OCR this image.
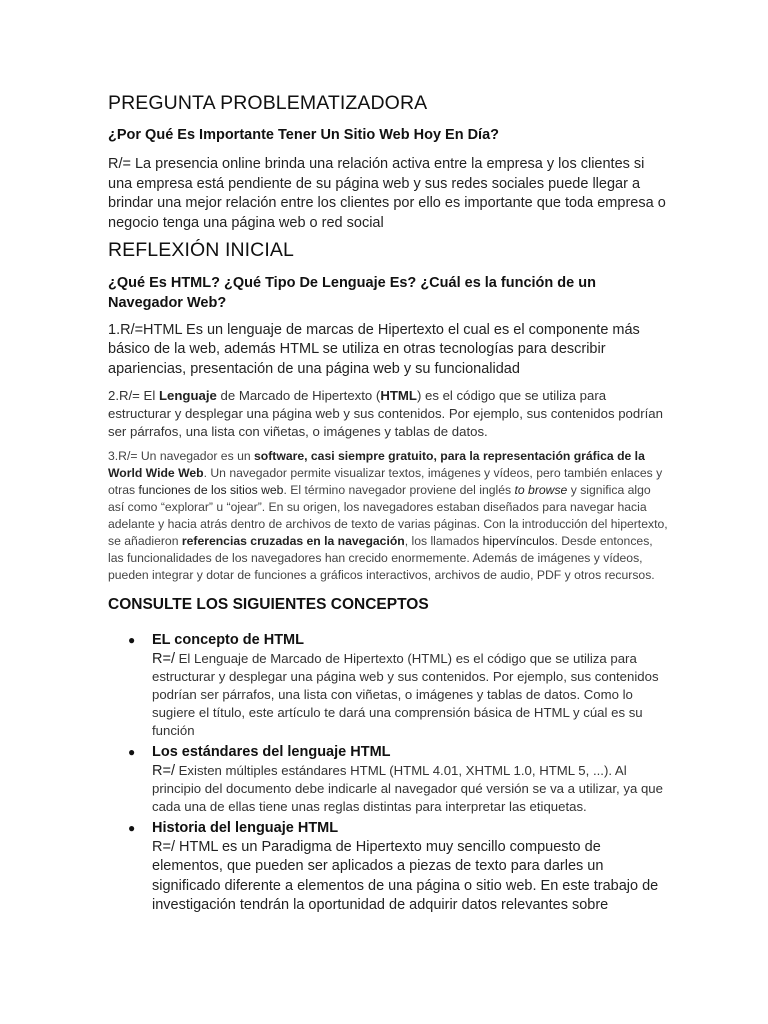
PREGUNTA PROBLEMATIZADORA

¿Por Qué Es Importante Tener Un Sitio Web Hoy En Día?

R/= La presencia online brinda una relación activa entre la empresa y los clientes si una empresa está pendiente de su página web y sus redes sociales puede llegar a brindar una mejor relación entre los clientes por ello es importante que toda empresa o negocio tenga una página web o red social

REFLEXIÓN INICIAL

¿Qué Es HTML? ¿Qué Tipo De Lenguaje Es? ¿Cuál es la función de un Navegador Web?

1.R/=HTML Es un lenguaje de marcas de Hipertexto el cual es el componente más básico de la web, además HTML se utiliza en otras tecnologías para describir apariencias, presentación de una página web y su funcionalidad

2.R/= El Lenguaje de Marcado de Hipertexto (HTML) es el código que se utiliza para estructurar y desplegar una página web y sus contenidos. Por ejemplo, sus contenidos podrían ser párrafos, una lista con viñetas, o imágenes y tablas de datos.

3.R/= Un navegador es un software, casi siempre gratuito, para la representación gráfica de la World Wide Web. Un navegador permite visualizar textos, imágenes y vídeos, pero también enlaces y otras funciones de los sitios web. El término navegador proviene del inglés to browse y significa algo así como “explorar” u “ojear”. En su origen, los navegadores estaban diseñados para navegar hacia adelante y hacia atrás dentro de archivos de texto de varias páginas. Con la introducción del hipertexto, se añadieron referencias cruzadas en la navegación, los llamados hipervínculos. Desde entonces, las funcionalidades de los navegadores han crecido enormemente. Además de imágenes y vídeos, pueden integrar y dotar de funciones a gráficos interactivos, archivos de audio, PDF y otros recursos.

CONSULTE LOS SIGUIENTES CONCEPTOS

● EL concepto de HTML

R=/ El Lenguaje de Marcado de Hipertexto (HTML) es el código que se utiliza para estructurar y desplegar una página web y sus contenidos. Por ejemplo, sus contenidos podrían ser párrafos, una lista con viñetas, o imágenes y tablas de datos. Como lo sugiere el título, este artículo te dará una comprensión básica de HTML y cúal es su función

● Los estándares del lenguaje HTML

R=/ Existen múltiples estándares HTML (HTML 4.01, XHTML 1.0, HTML 5, ...). Al principio del documento debe indicarle al navegador qué versión se va a utilizar, ya que cada una de ellas tiene unas reglas distintas para interpretar las etiquetas.

● Historia del lenguaje HTML

R=/ HTML es un Paradigma de Hipertexto muy sencillo compuesto de elementos, que pueden ser aplicados a piezas de texto para darles un significado diferente a elementos de una página o sitio web. En este trabajo de investigación tendrán la oportunidad de adquirir datos relevantes sobre
